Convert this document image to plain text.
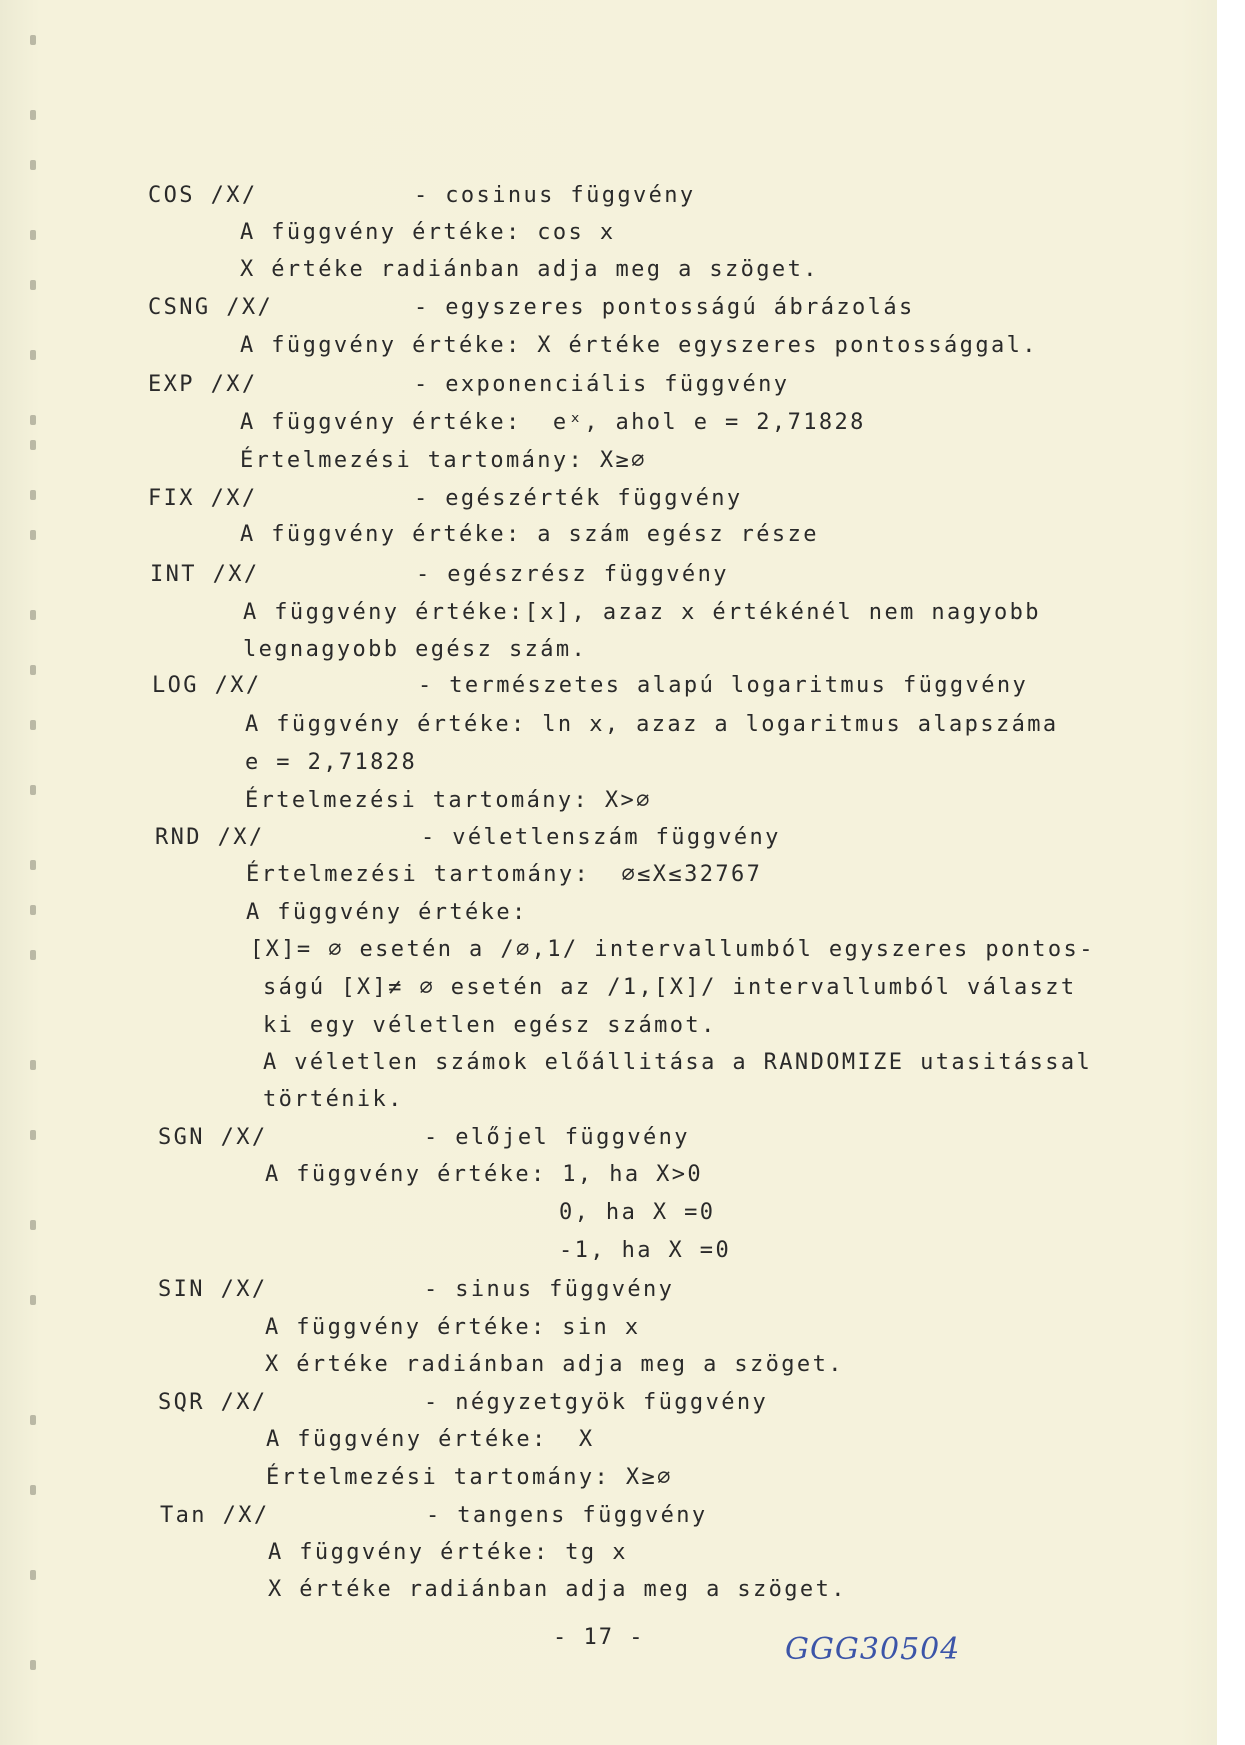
COS /X/          - cosinus függvény
A függvény értéke: cos x
X értéke radiánban adja meg a szöget.
CSNG /X/         - egyszeres pontosságú ábrázolás
A függvény értéke: X értéke egyszeres pontossággal.
EXP /X/          - exponenciális függvény
A függvény értéke:  eˣ, ahol e = 2,71828
Értelmezési tartomány: X≥∅
FIX /X/          - egészérték függvény
A függvény értéke: a szám egész része
INT /X/          - egészrész függvény
A függvény értéke:[x], azaz x értékénél nem nagyobb
legnagyobb egész szám.
LOG /X/          - természetes alapú logaritmus függvény
A függvény értéke: ln x, azaz a logaritmus alapszáma
e = 2,71828
Értelmezési tartomány: X>∅
RND /X/          - véletlenszám függvény
Értelmezési tartomány:  ∅≤X≤32767
A függvény értéke:
[X]= ∅ esetén a /∅,1/ intervallumból egyszeres pontos-
ságú [X]≠ ∅ esetén az /1,[X]/ intervallumból választ
ki egy véletlen egész számot.
A véletlen számok előállitása a RANDOMIZE utasitással
történik.
SGN /X/          - előjel függvény
A függvény értéke: 1, ha X>0
0, ha X =0
-1, ha X =0
SIN /X/          - sinus függvény
A függvény értéke: sin x
X értéke radiánban adja meg a szöget.
SQR /X/          - négyzetgyök függvény
A függvény értéke:  X
Értelmezési tartomány: X≥∅
Tan /X/          - tangens függvény
A függvény értéke: tg x
X értéke radiánban adja meg a szöget.
- 17 -	GGG30504
